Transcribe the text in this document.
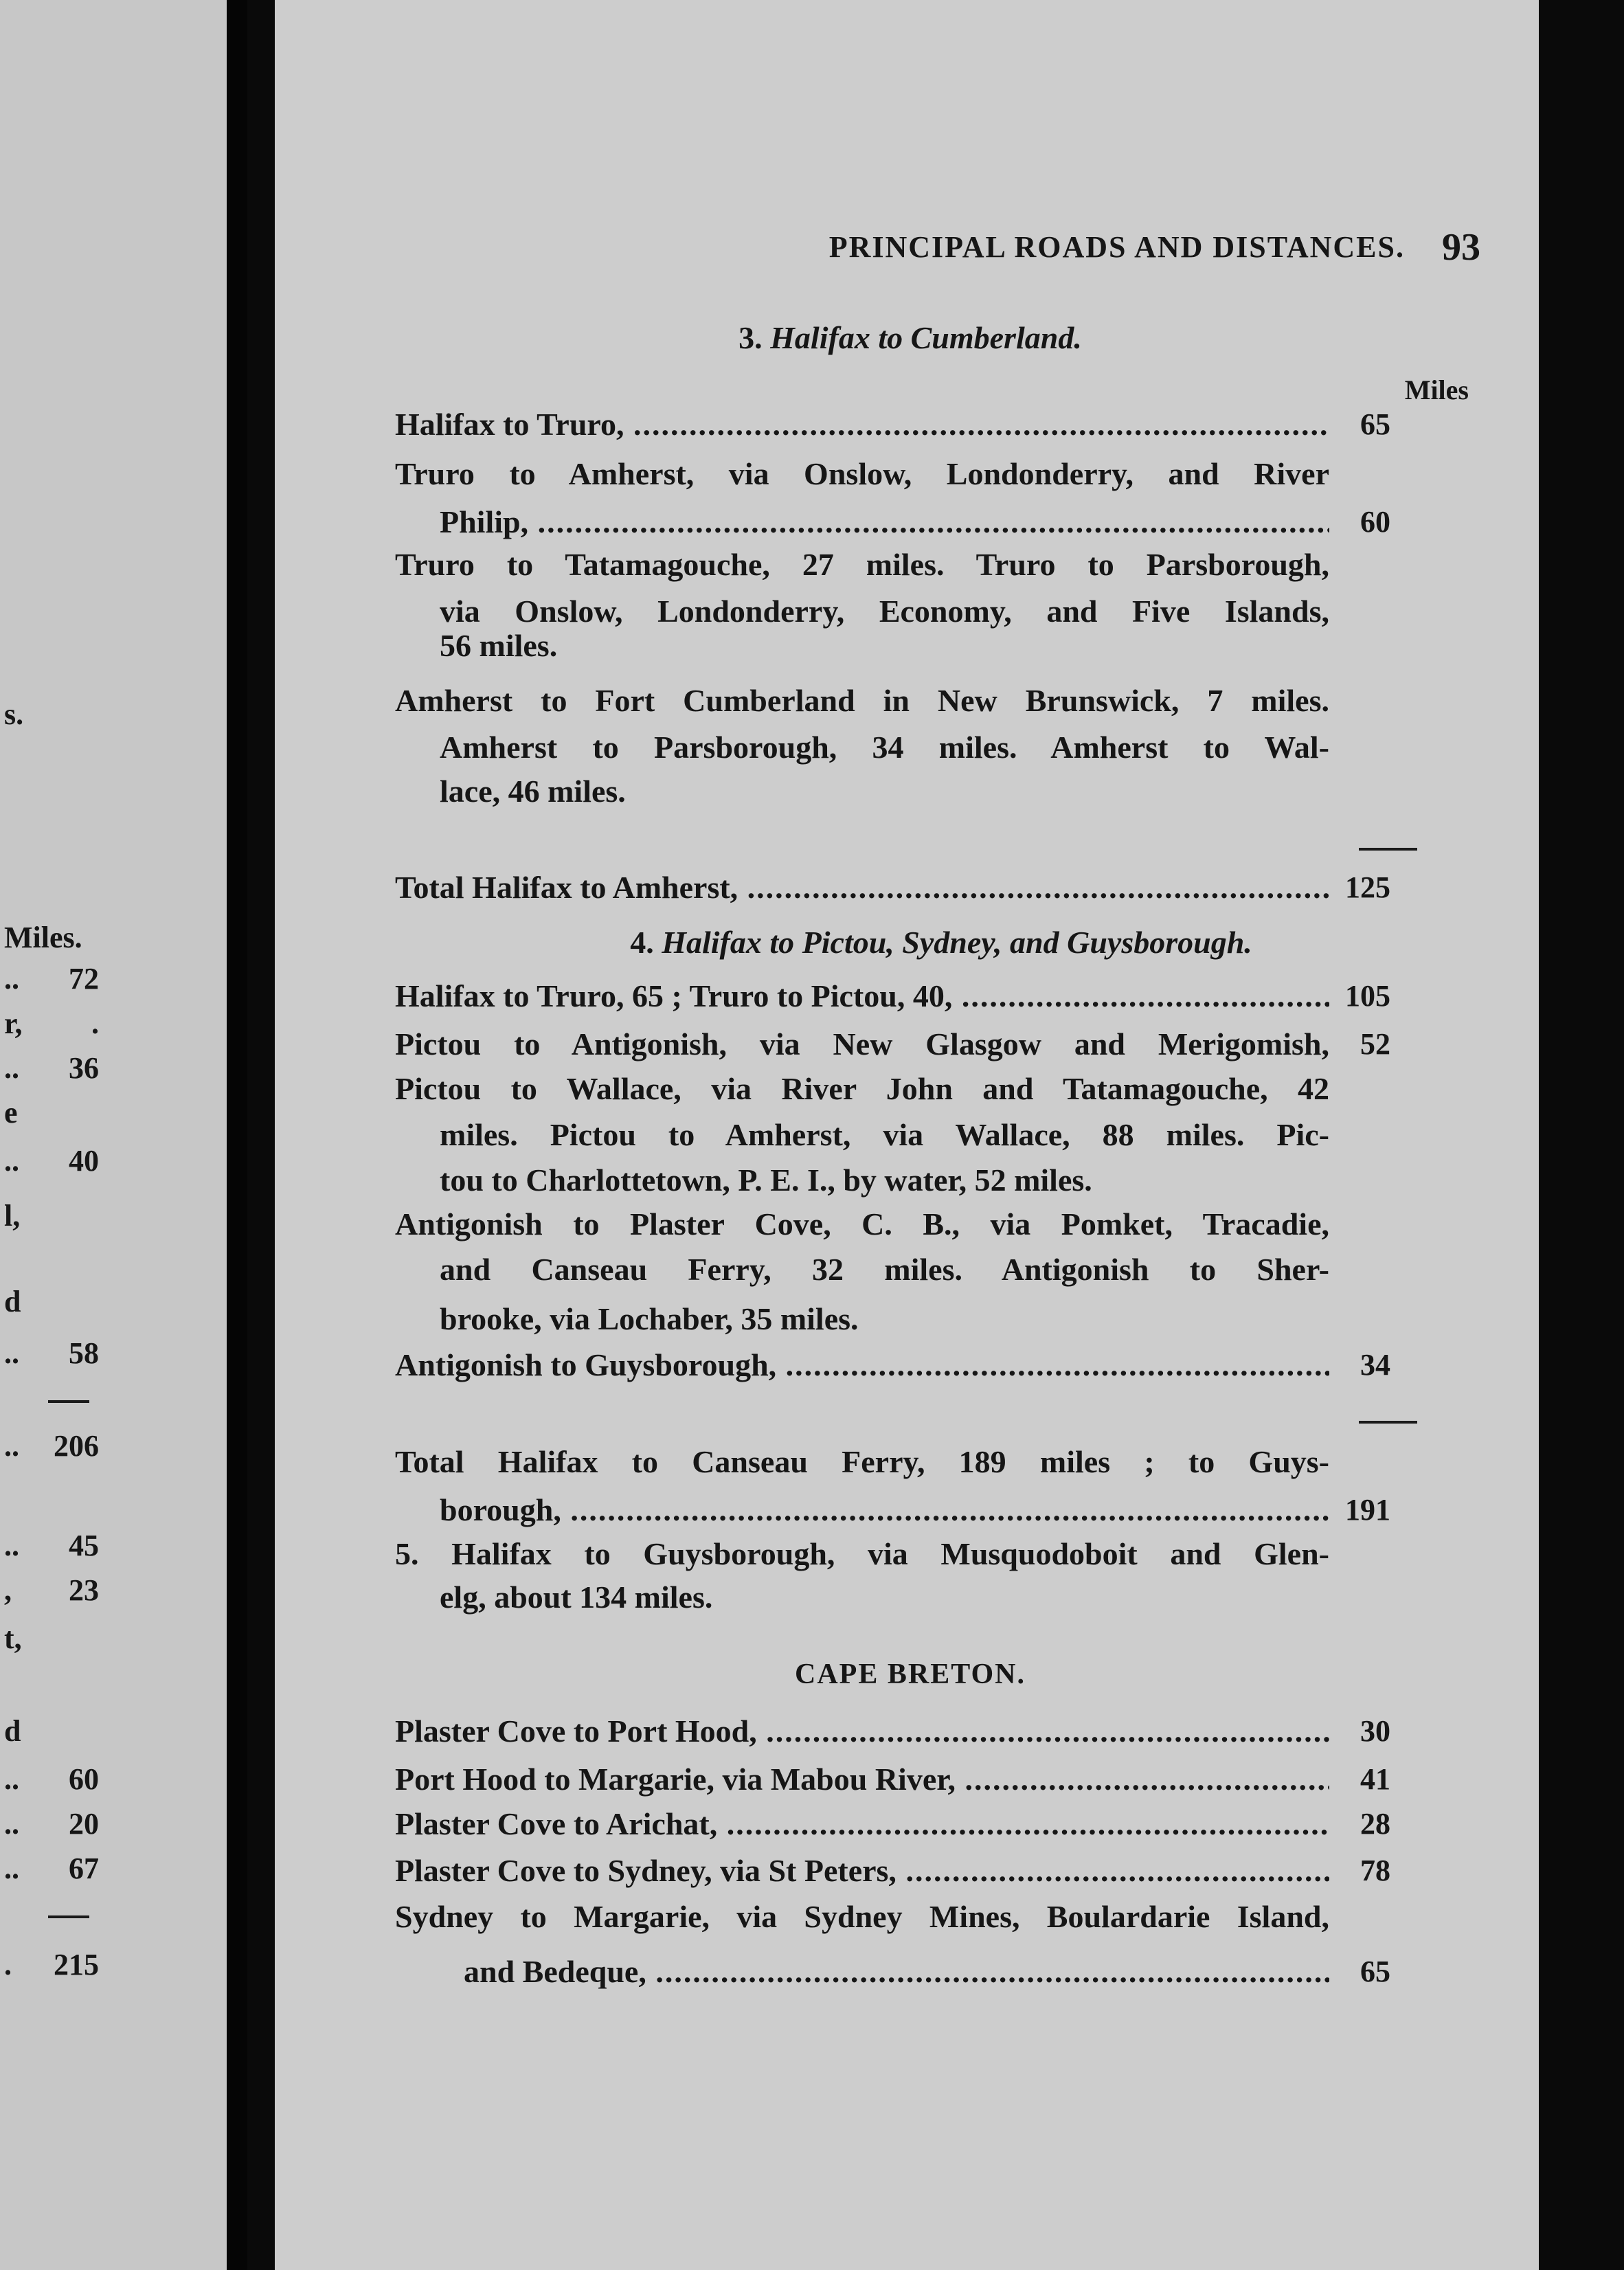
s.
Miles.
.. 72
r, .
.. 36
e
.. 40
l,
d
.. 58
.. 206
.. 45
, 23
t,
d
.. 60
.. 20
.. 67
. 215
PRINCIPAL ROADS AND DISTANCES. 93
3. Halifax to Cumberland.
Miles
Halifax to Truro, .....	65
Truro to Amherst, via Onslow, Londonderry, and River
Philip, .....	60
Truro to Tatamagouche, 27 miles. Truro to Parsborough,
via Onslow, Londonderry, Economy, and Five Islands,
56 miles.
Amherst to Fort Cumberland in New Brunswick, 7 miles.
Amherst to Parsborough, 34 miles. Amherst to Wal-
lace, 46 miles.
Total Halifax to Amherst, .....	125
4. Halifax to Pictou, Sydney, and Guysborough.
Halifax to Truro, 65 ; Truro to Pictou, 40, .....	105
Pictou to Antigonish, via New Glasgow and Merigomish, 52
Pictou to Wallace, via River John and Tatamagouche, 42
miles. Pictou to Amherst, via Wallace, 88 miles. Pic-
tou to Charlottetown, P. E. I., by water, 52 miles.
Antigonish to Plaster Cove, C. B., via Pomket, Tracadie,
and Canseau Ferry, 32 miles. Antigonish to Sher-
brooke, via Lochaber, 35 miles.
Antigonish to Guysborough, .....	34
Total Halifax to Canseau Ferry, 189 miles ; to Guys-
borough, .....	191
5. Halifax to Guysborough, via Musquodoboit and Glen-
elg, about 134 miles.
CAPE BRETON.
Plaster Cove to Port Hood, .....	30
Port Hood to Margarie, via Mabou River, .....	41
Plaster Cove to Arichat, .....	28
Plaster Cove to Sydney, via St Peters, .....	78
Sydney to Margarie, via Sydney Mines, Boulardarie Island,
and Bedeque, .....	65
